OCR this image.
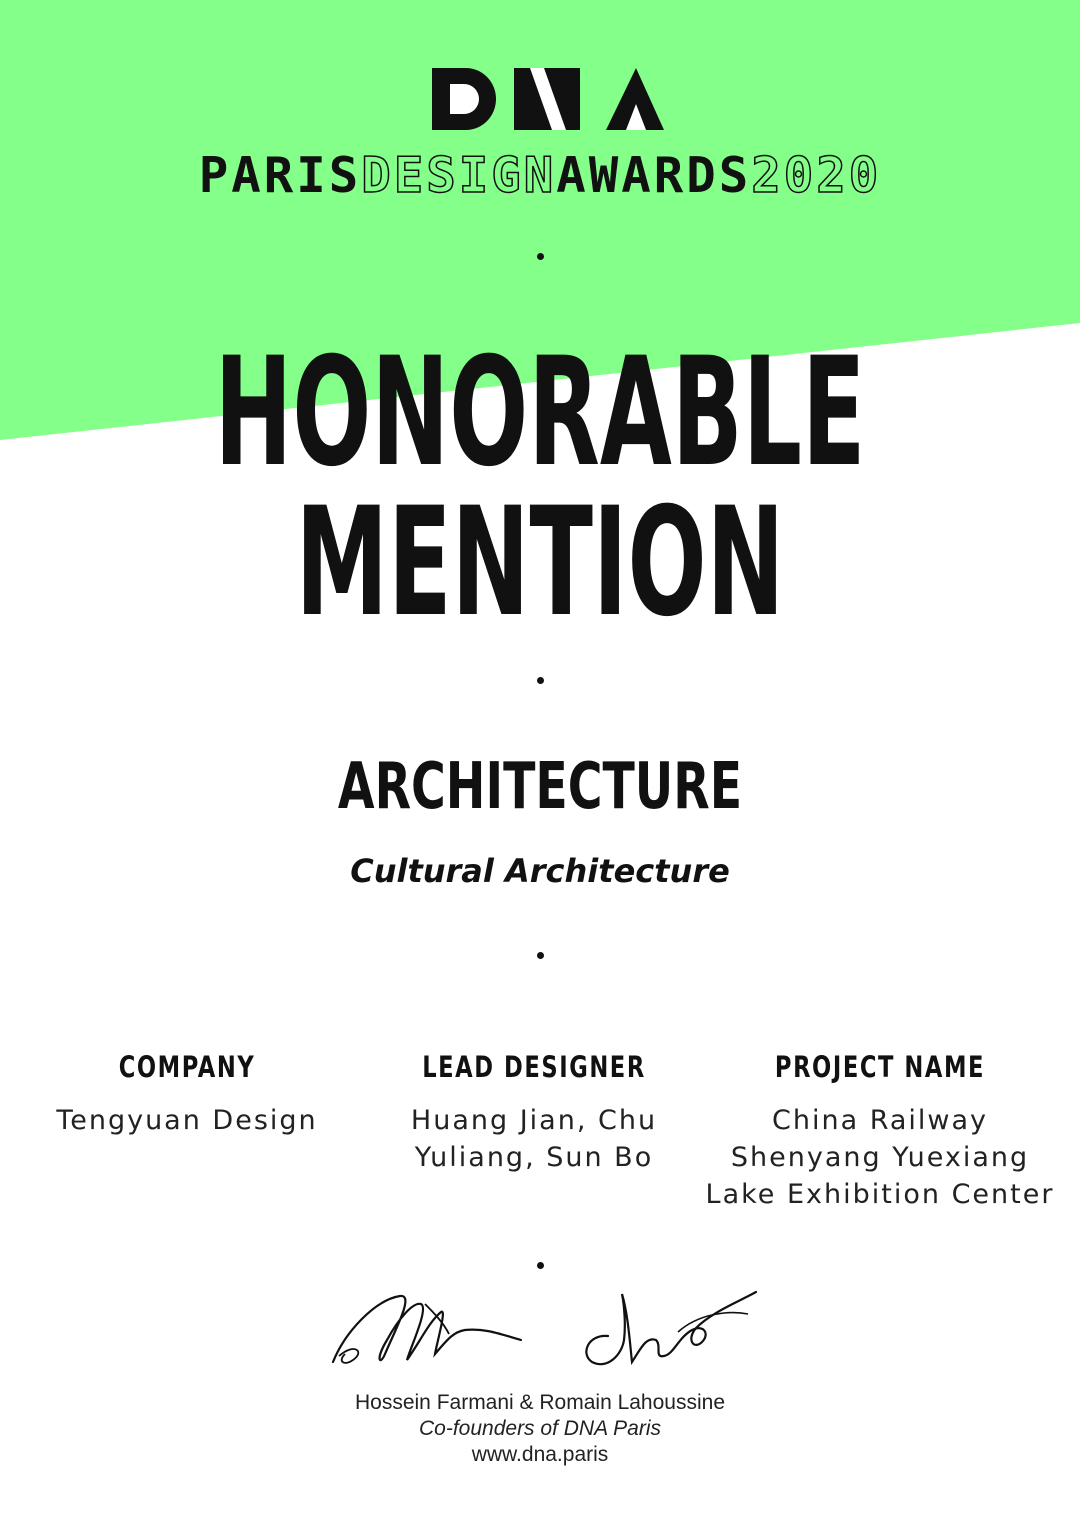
PARISDESIGNAWARDS2020
HONORABLE
MENTION
ARCHITECTURE
Cultural Architecture
COMPANY
Tengyuan Design
LEAD DESIGNER
Huang Jian, Chu
Yuliang, Sun Bo
PROJECT NAME
China Railway
Shenyang Yuexiang
Lake Exhibition Center
Hossein Farmani & Romain Lahoussine
Co-founders of DNA Paris
www.dna.paris
